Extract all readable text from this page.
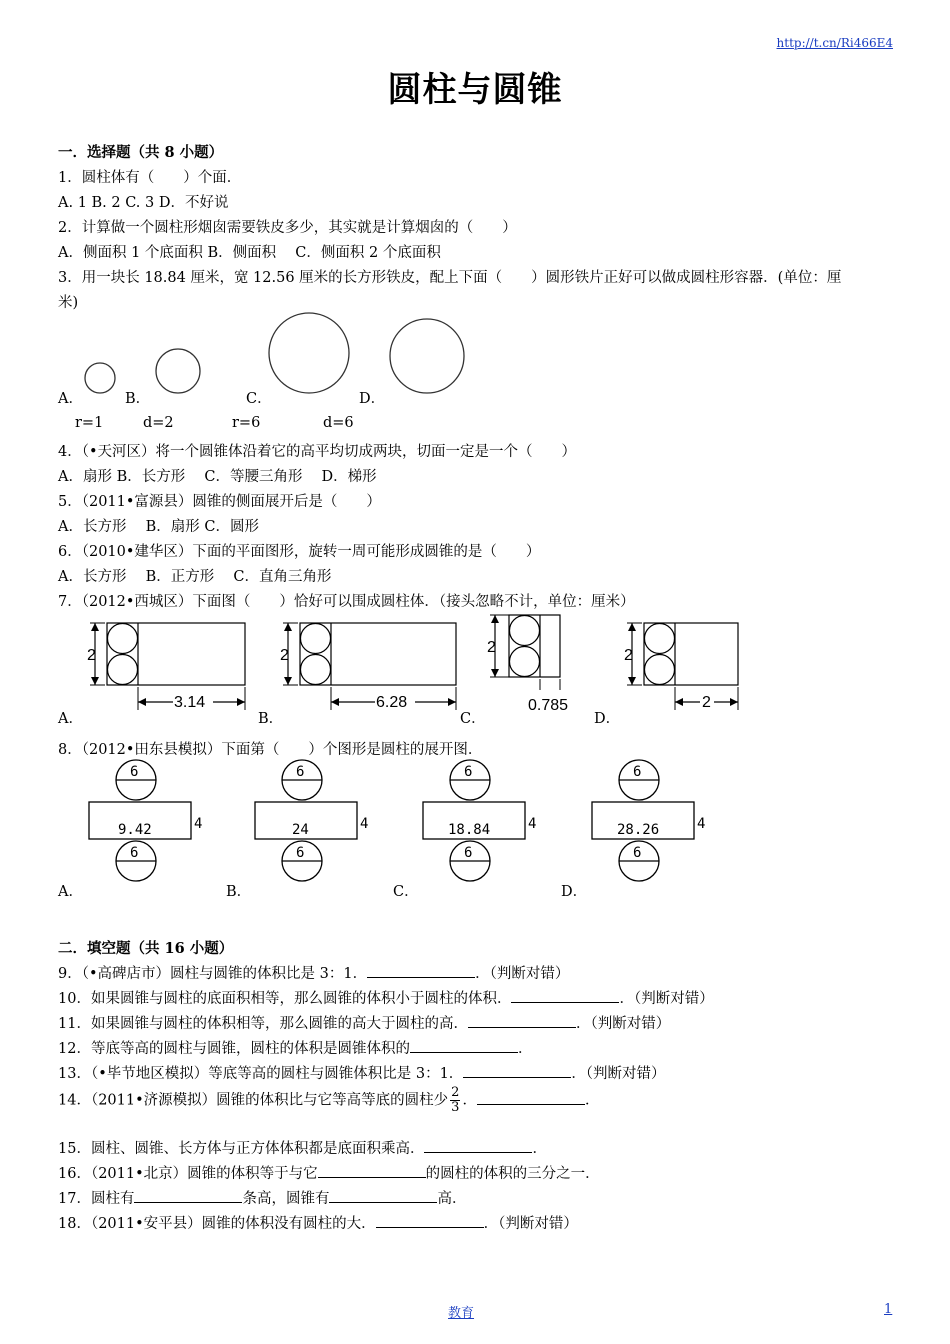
http://t.cn/Ri466E4
圆柱与圆锥
一．选择题（共 8 小题）
1．圆柱体有（　　）个面．
A. 1 B. 2 C. 3 D．不好说
2．计算做一个圆柱形烟囱需要铁皮多少，其实就是计算烟囱的（　　）
A．侧面积 1 个底面积 B．侧面积　 C．侧面积 2 个底面积
3．用一块长 18.84 厘米，宽 12.56 厘米的长方形铁皮，配上下面（　　）圆形铁片正好可以做成圆柱形容器．(单位：厘
米)
A．	B．	C．	D．
r=1	d=2	r=6	d=6
4．（•天河区）将一个圆锥体沿着它的高平均切成两块，切面一定是一个（　　）
A．扇形 B．长方形　 C．等腰三角形　 D．梯形
5．（2011•富源县）圆锥的侧面展开后是（　　）
A．长方形　 B．扇形 C．圆形
6．（2010•建华区）下面的平面图形，旋转一周可能形成圆锥的是（　　）
A．长方形　 B．正方形　 C．直角三角形
7．（2012•西城区）下面图（　　）恰好可以围成圆柱体．（接头忽略不计，单位：厘米）
2
3.14
2
6.28
2
0.785
2
2
A．	B．	C．	D．
8．（2012•田东县模拟）下面第（　　）个图形是圆柱的展开图．
6
6
9.42	4
6
6
24	4
6
6
18.84	4
6
6
28.26	4
A．	B．	C．	D．
二．填空题（共 16 小题）
9．（•高碑店市）圆柱与圆锥的体积比是 3：1．	．（判断对错）
10．如果圆锥与圆柱的底面积相等，那么圆锥的体积小于圆柱的体积．	．（判断对错）
11．如果圆锥与圆柱的体积相等，那么圆锥的高大于圆柱的高．	．（判断对错）
12．等底等高的圆柱与圆锥，圆柱的体积是圆锥体积的	．
13．（•毕节地区模拟）等底等高的圆柱与圆锥体积比是 3：1．	．（判断对错）
14．（2011•济源模拟）圆锥的体积比与它等高等底的圆柱少 $\frac{2}{3}$ ．	．
15．圆柱、圆锥、长方体与正方体体积都是底面积乘高．	．
16．（2011•北京）圆锥的体积等于与它	的圆柱的体积的三分之一．
17．圆柱有	条高，圆锥有	高．
18．（2011•安平县）圆锥的体积没有圆柱的大．	．（判断对错）
教育	1
